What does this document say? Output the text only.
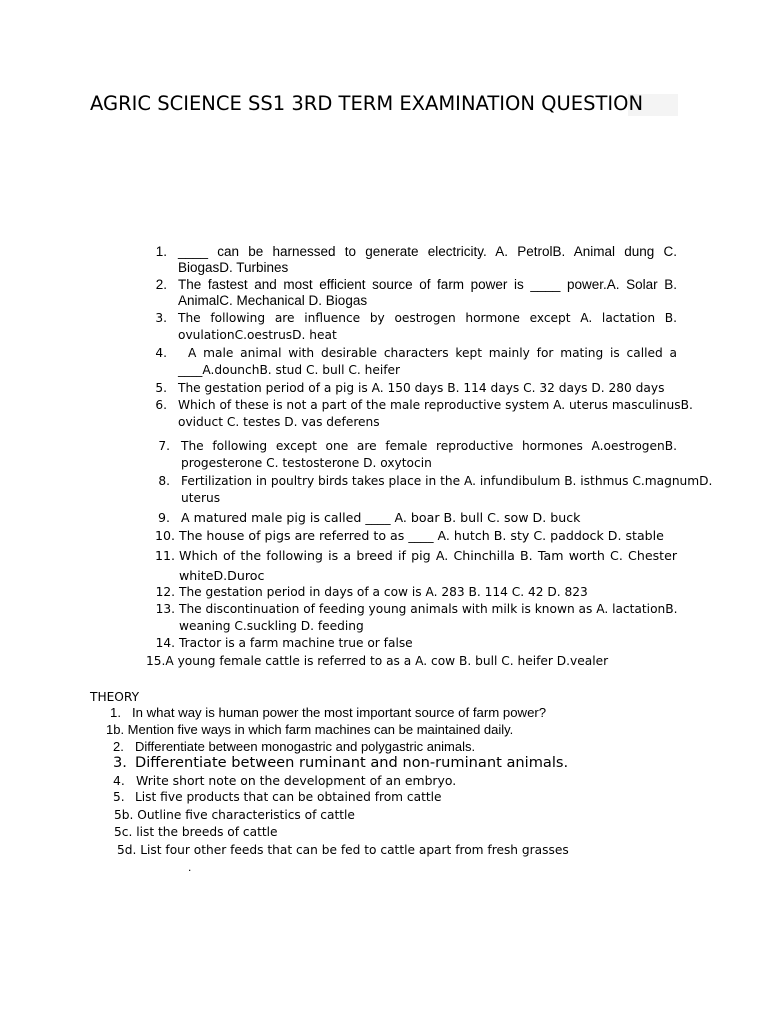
AGRIC SCIENCE SS1 3RD TERM EXAMINATION QUESTION
1. ____ can be harnessed to generate electricity. A. PetrolB. Animal dung C.
BiogasD. Turbines
2. The fastest and most efficient source of farm power is ____ power.A. Solar B.
AnimalC. Mechanical D. Biogas
3. The following are influence by oestrogen hormone except A. lactation B.
ovulationC.oestrusD. heat
4. A male animal with desirable characters kept mainly for mating is called a
____A.dounchB. stud C. bull C. heifer
5. The gestation period of a pig is A. 150 days B. 114 days C. 32 days D. 280 days
6. Which of these is not a part of the male reproductive system A. uterus masculinusB.
oviduct C. testes D. vas deferens
7. The following except one are female reproductive hormones A.oestrogenB.
progesterone C. testosterone D. oxytocin
8. Fertilization in poultry birds takes place in the A. infundibulum B. isthmus C.magnumD.
uterus
9. A matured male pig is called ____ A. boar B. bull C. sow D. buck
10. The house of pigs are referred to as ____ A. hutch B. sty C. paddock D. stable
11. Which of the following is a breed if pig A. Chinchilla B. Tam worth C. Chester
whiteD.Duroc
12. The gestation period in days of a cow is A. 283 B. 114 C. 42 D. 823
13. The discontinuation of feeding young animals with milk is known as A. lactationB.
weaning C.suckling D. feeding
14. Tractor is a farm machine true or false
15.A young female cattle is referred to as a A. cow B. bull C. heifer D.vealer
THEORY
1. In what way is human power the most important source of farm power?
1b. Mention five ways in which farm machines can be maintained daily.
2. Differentiate between monogastric and polygastric animals.
3. Differentiate between ruminant and non-ruminant animals.
4. Write short note on the development of an embryo.
5. List five products that can be obtained from cattle
5b. Outline five characteristics of cattle
5c. list the breeds of cattle
5d. List four other feeds that can be fed to cattle apart from fresh grasses
.
